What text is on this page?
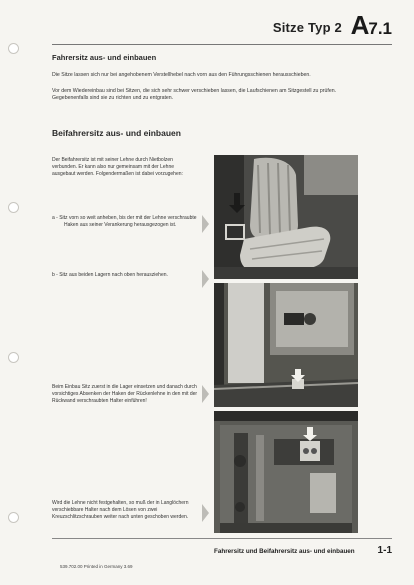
Sitze Typ 2 A7.1
Fahrersitz aus- und einbauen
Die Sitze lassen sich nur bei angehobenem Verstellhebel nach vorn aus den Führungsschienen herausschieben.
Vor dem Wiedereinbau sind bei Sitzen, die sich sehr schwer verschieben lassen, die Laufschienen am Sitzgestell zu prüfen. Gegebenenfalls sind sie zu richten und zu entgraten.
Beifahrersitz aus- und einbauen
Der Beifahrersitz ist mit seiner Lehne durch Nietbolzen verbunden. Er kann also nur gemeinsam mit der Lehne ausgebaut werden. Folgendermaßen ist dabei vorzugehen:
a - Sitz vorn so weit anheben, bis der mit der Lehne verschraubte Haken aus seiner Verankerung herausgezogen ist.
b - Sitz aus beiden Lagern nach oben herausziehen.
Beim Einbau Sitz zuerst in die Lager einsetzen und danach durch vorsichtiges Absenken der Haken der Rückenlehne in den mit der Rückwand verschraubten Halter einführen!
Wird die Lehne nicht festgehalten, so muß der in Langlöchern verschiebbare Halter nach dem Lösen von zwei Kreuzschlitzschrauben weiter nach unten geschoben werden.
Fahrersitz und Beifahrersitz aus- und einbauen 1-1
539.702.00 Printed in Germany 3.69
